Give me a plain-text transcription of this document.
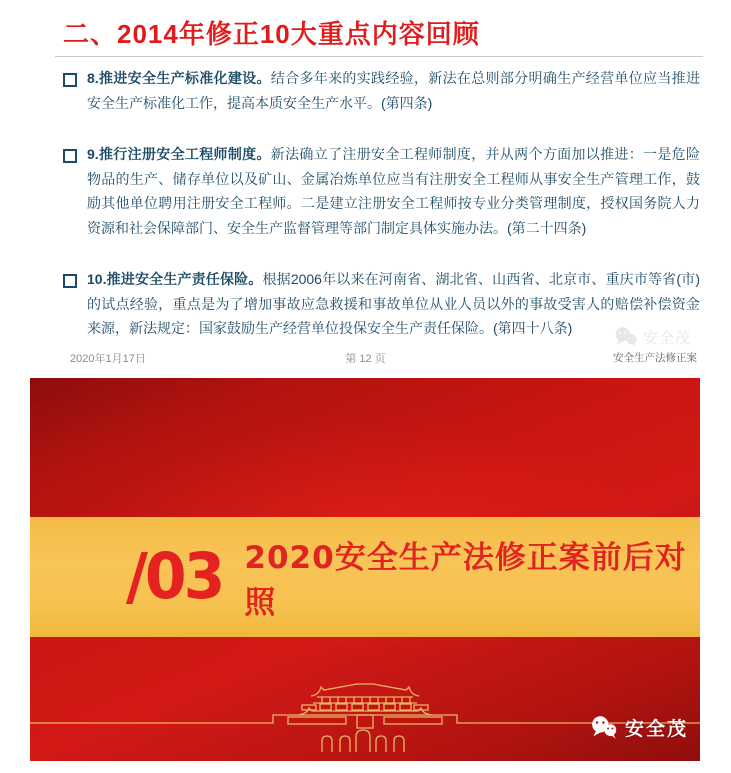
二、2014年修正10大重点内容回顾
8.推进安全生产标准化建设。结合多年来的实践经验，新法在总则部分明确生产经营单位应当推进安全生产标准化工作，提高本质安全生产水平。(第四条)
9.推行注册安全工程师制度。新法确立了注册安全工程师制度，并从两个方面加以推进：一是危险物品的生产、储存单位以及矿山、金属冶炼单位应当有注册安全工程师从事安全生产管理工作，鼓励其他单位聘用注册安全工程师。二是建立注册安全工程师按专业分类管理制度，授权国务院人力资源和社会保障部门、安全生产监督管理等部门制定具体实施办法。(第二十四条)
10.推进安全生产责任保险。根据2006年以来在河南省、湖北省、山西省、北京市、重庆市等省(市)的试点经验，重点是为了增加事故应急救援和事故单位从业人员以外的事故受害人的赔偿补偿资金来源，新法规定：国家鼓励生产经营单位投保安全生产责任保险。(第四十八条)
2020年1月17日	第 12 页
安全茂
安全生产法修正案
/03 2020安全生产法修正案前后对照
安全茂
